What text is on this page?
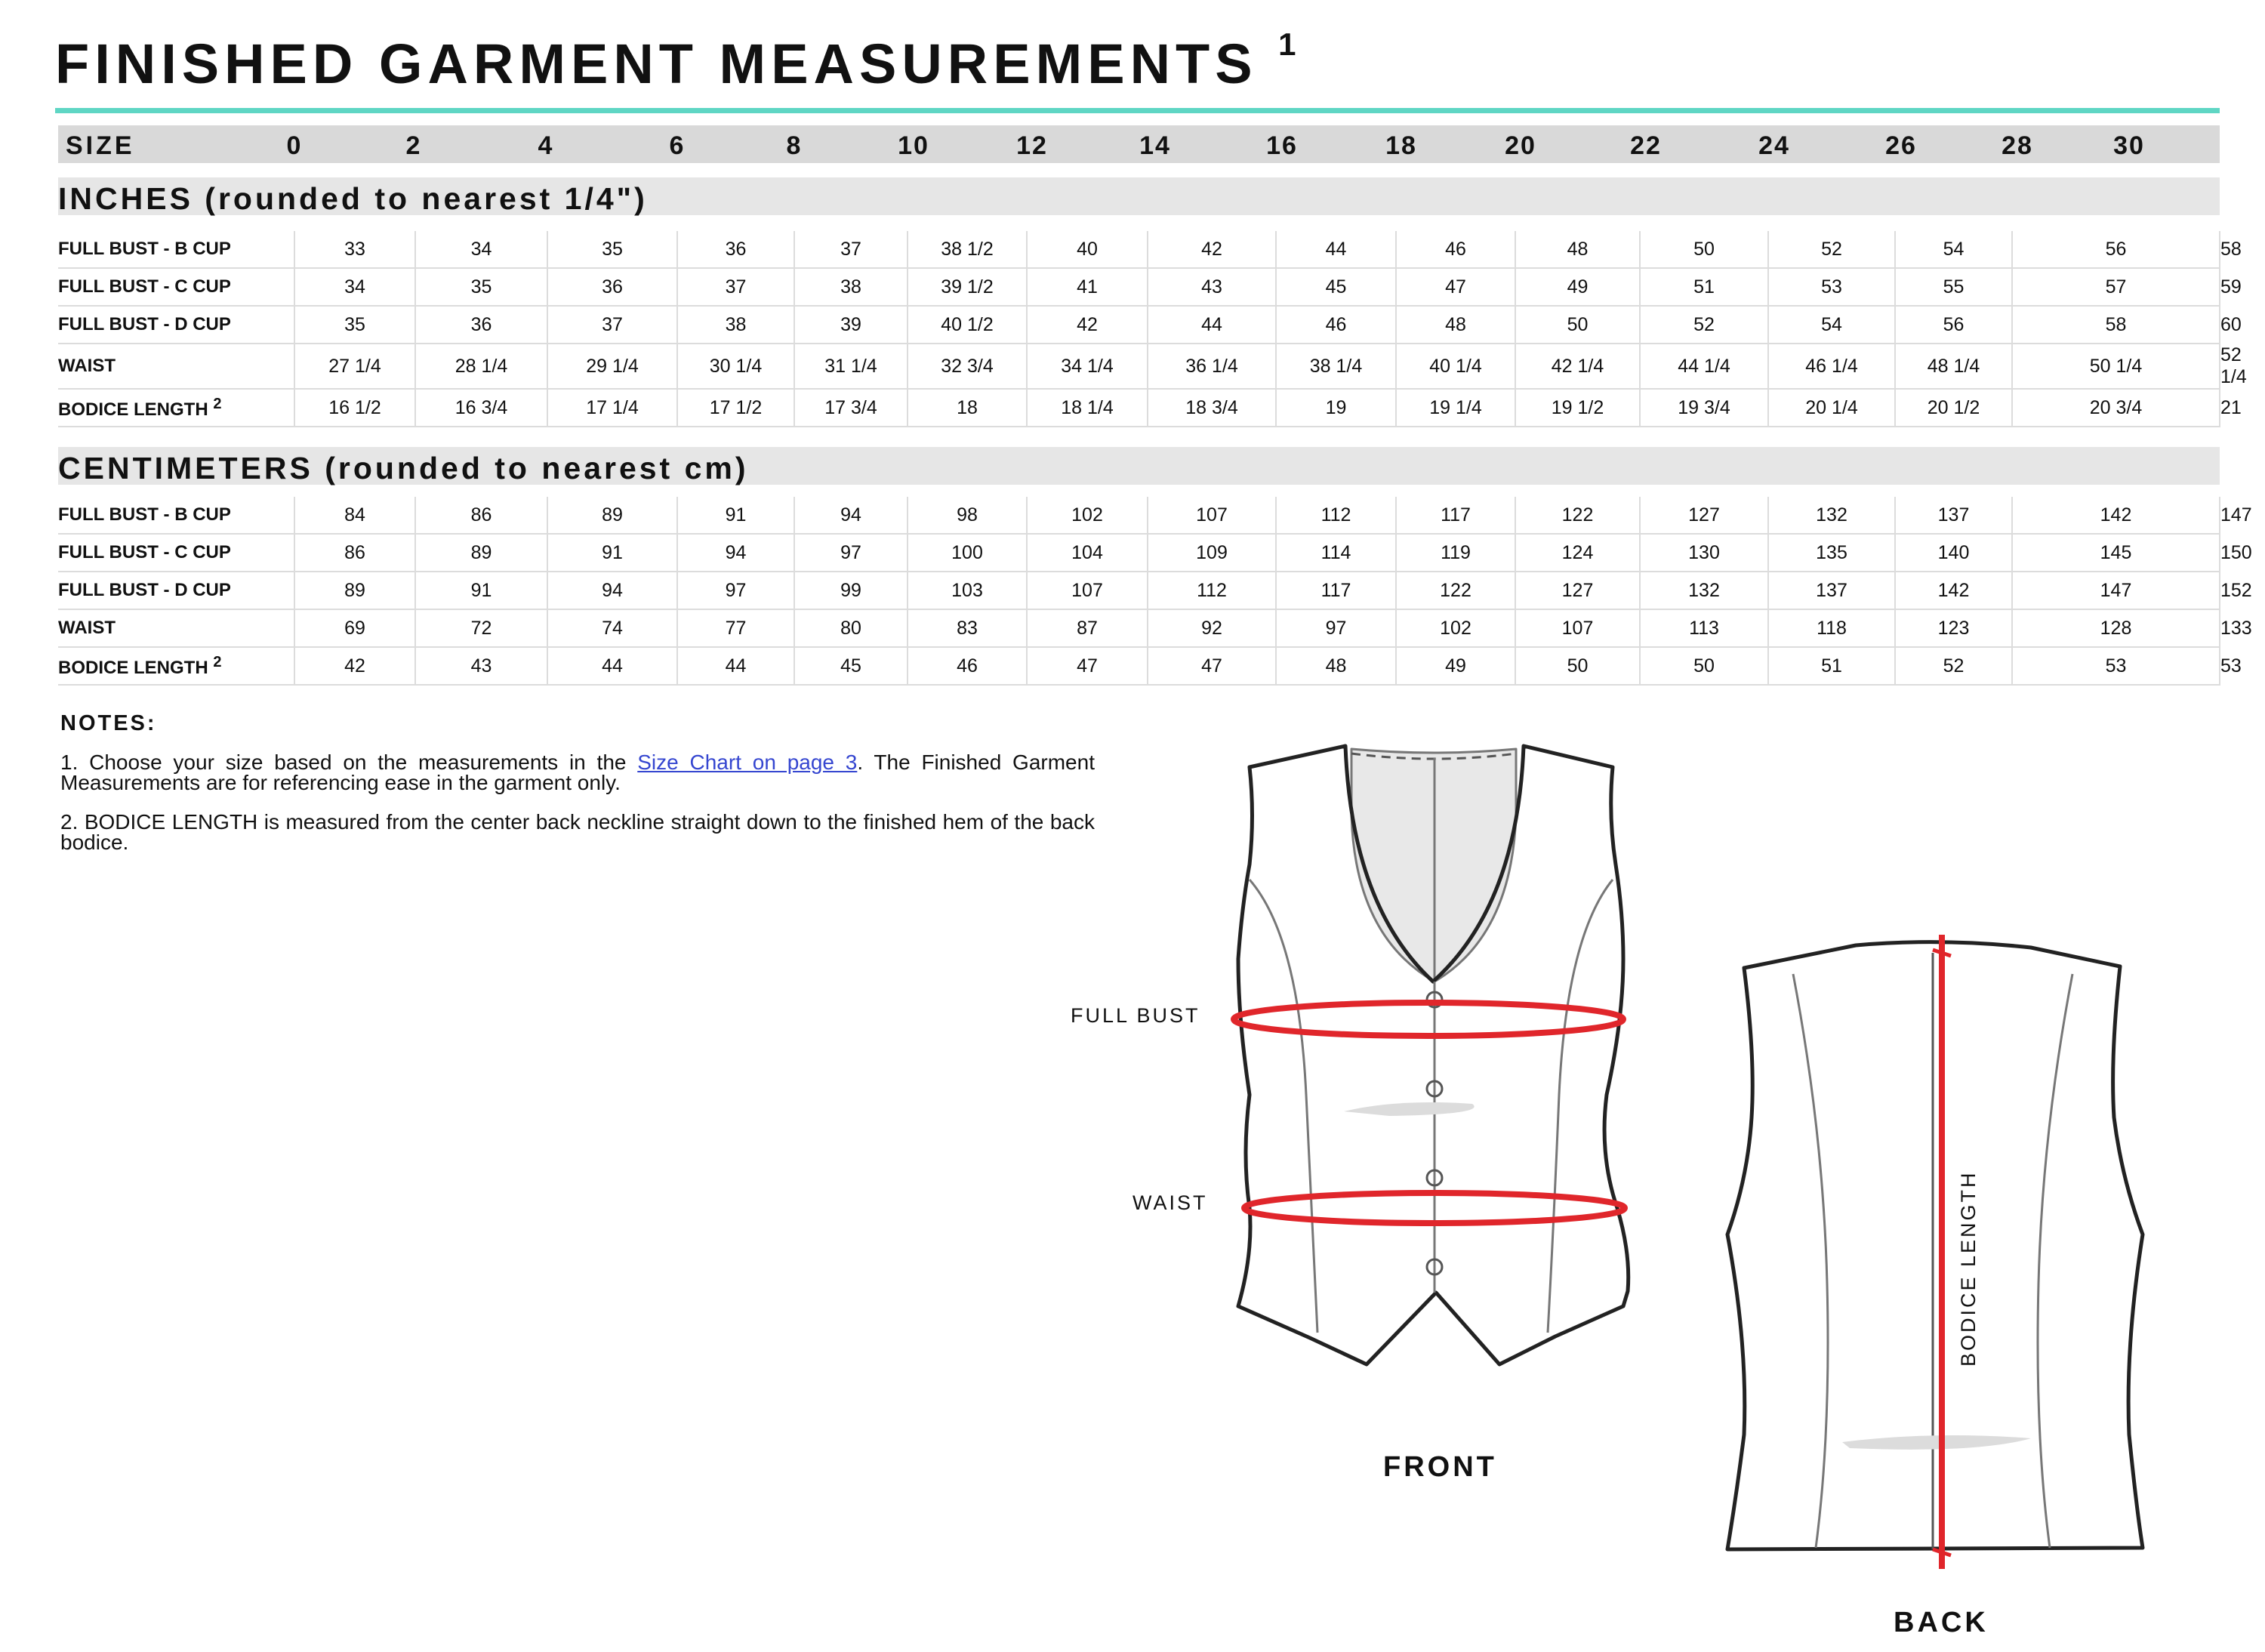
FINISHED GARMENT MEASUREMENTS $^1$
SIZE	0	2	4	6	8	10	12	14	16	18	20	22	24	26	28	30
INCHES (rounded to nearest 1/4")
FULL BUST - B CUP	33	34	35	36	37	38 1/2	40	42	44	46	48	50	52	54	56	58
FULL BUST - C CUP	34	35	36	37	38	39 1/2	41	43	45	47	49	51	53	55	57	59
FULL BUST - D CUP	35	36	37	38	39	40 1/2	42	44	46	48	50	52	54	56	58	60
WAIST	27 1/4	28 1/4	29 1/4	30 1/4	31 1/4	32 3/4	34 1/4	36 1/4	38 1/4	40 1/4	42 1/4	44 1/4	46 1/4	48 1/4	50 1/4	52 1/4
BODICE LENGTH $^2$	16 1/2	16 3/4	17 1/4	17 1/2	17 3/4	18	18 1/4	18 3/4	19	19 1/4	19 1/2	19 3/4	20 1/4	20 1/2	20 3/4	21
CENTIMETERS (rounded to nearest cm)
FULL BUST - B CUP	84	86	89	91	94	98	102	107	112	117	122	127	132	137	142	147
FULL BUST - C CUP	86	89	91	94	97	100	104	109	114	119	124	130	135	140	145	150
FULL BUST - D CUP	89	91	94	97	99	103	107	112	117	122	127	132	137	142	147	152
WAIST	69	72	74	77	80	83	87	92	97	102	107	113	118	123	128	133
BODICE LENGTH $^2$	42	43	44	44	45	46	47	47	48	49	50	50	51	52	53	53
NOTES:
1. Choose your size based on the measurements in the Size Chart on page 3. The Finished Garment Measurements are for referencing ease in the garment only.
2. BODICE LENGTH is measured from the center back neckline straight down to the finished hem of the back bodice.
FULL BUST
WAIST	BODICE LENGTH
FRONT
BACK
